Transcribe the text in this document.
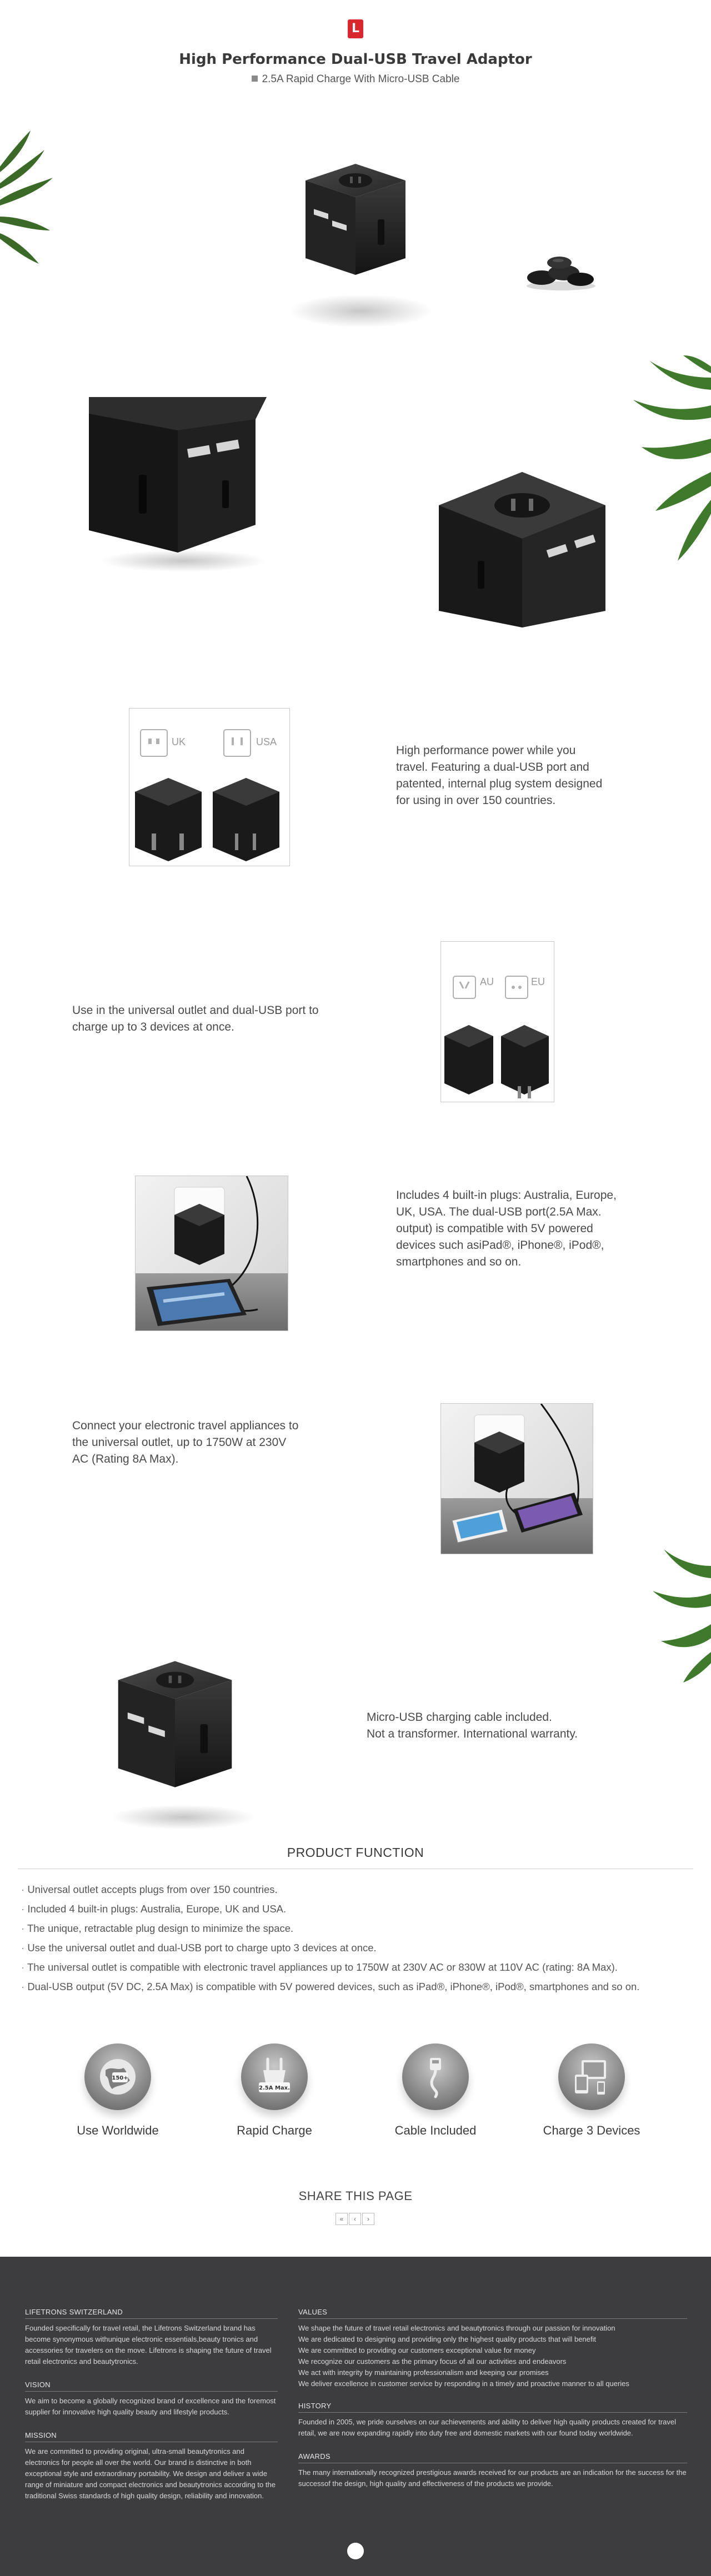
L
High Performance Dual-USB Travel Adaptor
2.5A Rapid Charge With Micro-USB Cable
UK	USA
High performance power while you travel. Featuring a dual-USB port and patented, internal plug system designed for using in over 150 countries.
Use in the universal outlet and dual-USB port to charge up to 3 devices at once.
AU	EU
Includes 4 built-in plugs: Australia, Europe, UK, USA. The dual-USB port(2.5A Max. output) is compatible with 5V powered devices such asiPad®, iPhone®, iPod®, smartphones and so on.
Connect your electronic travel appliances to the universal outlet, up to 1750W at 230V AC (Rating 8A Max).
Micro-USB charging cable included.
Not a transformer. International warranty.
PRODUCT FUNCTION
· Universal outlet accepts plugs from over 150 countries.
· Included 4 built-in plugs: Australia, Europe, UK and USA.
· The unique, retractable plug design to minimize the space.
· Use the universal outlet and dual-USB port to charge upto 3 devices at once.
· The universal outlet is compatible with electronic travel appliances up to 1750W at 230V AC or 830W at 110V AC (rating: 8A Max).
· Dual-USB output (5V DC, 2.5A Max) is compatible with 5V powered devices, such as iPad®, iPhone®, iPod®, smartphones and so on.
150+
Use Worldwide
2.5A Max.
Rapid Charge	Cable Included	Charge 3 Devices
SHARE THIS PAGE
« ‹ ›
LIFETRONS SWITZERLAND
Founded specifically for travel retail, the Lifetrons Switzerland brand has become synonymous withunique electronic essentials,beauty tronics and accessories for travelers on the move. Lifetrons is shaping the future of travel retail electronics and beautytronics.
VISION
We aim to become a globally recognized brand of excellence and the foremost supplier for innovative high quality beauty and lifestyle products.
MISSION
We are committed to providing original, ultra-small beautytronics and electronics for people all over the world. Our brand is distinctive in both exceptional style and extraordinary portability. We design and deliver a wide range of miniature and compact electronics and beautytronics according to the traditional Swiss standards of high quality design, reliability and innovation.
VALUES
We shape the future of travel retail electronics and beautytronics through our passion for innovation
We are dedicated to designing and providing only the highest quality products that will benefit
We are committed to providing our customers exceptional value for money
We recognize our customers as the primary focus of all our activities and endeavors
We act with integrity by maintaining professionalism and keeping our promises
We deliver excellence in customer service by responding in a timely and proactive manner to all queries
HISTORY
Founded in 2005, we pride ourselves on our achievements and ability to deliver high quality products created for travel retail, we are now expanding rapidly into duty free and domestic markets with our found today worldwide.
AWARDS
The many internationally recognized prestigious awards received for our products are an indication for the success for the successof the design, high quality and effectiveness of the products we provide.
